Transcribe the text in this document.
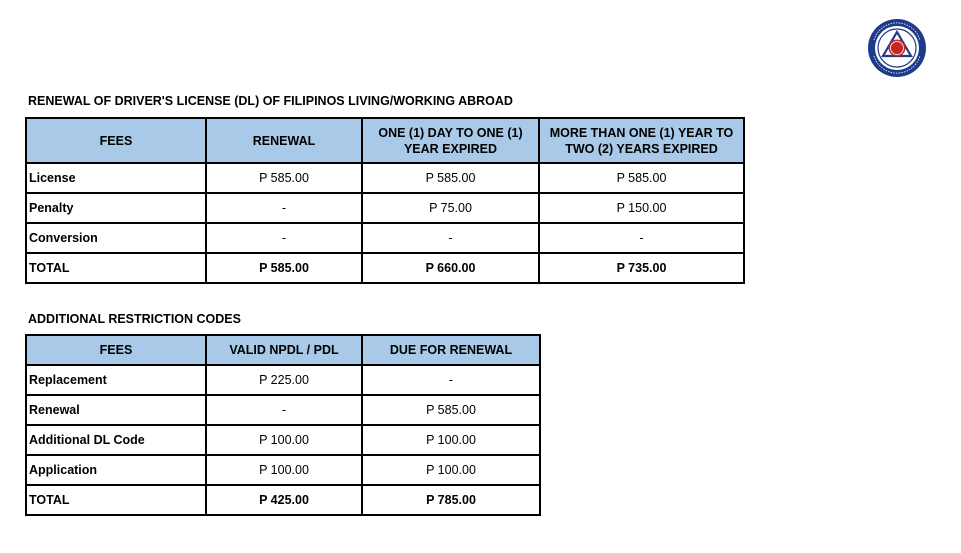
RENEWAL OF DRIVER'S LICENSE (DL) OF FILIPINOS LIVING/WORKING ABROAD
FEES	RENEWAL	ONE (1) DAY TO ONE (1) YEAR EXPIRED	MORE THAN ONE (1) YEAR TO TWO (2) YEARS EXPIRED
License	P 585.00	P 585.00	P 585.00
Penalty	-	P 75.00	P 150.00
Conversion	-	-	-
TOTAL	P 585.00	P 660.00	P 735.00
ADDITIONAL RESTRICTION CODES
FEES	VALID NPDL / PDL	DUE FOR RENEWAL
Replacement	P 225.00	-
Renewal	-	P 585.00
Additional DL Code	P 100.00	P 100.00
Application	P 100.00	P 100.00
TOTAL	P 425.00	P 785.00
